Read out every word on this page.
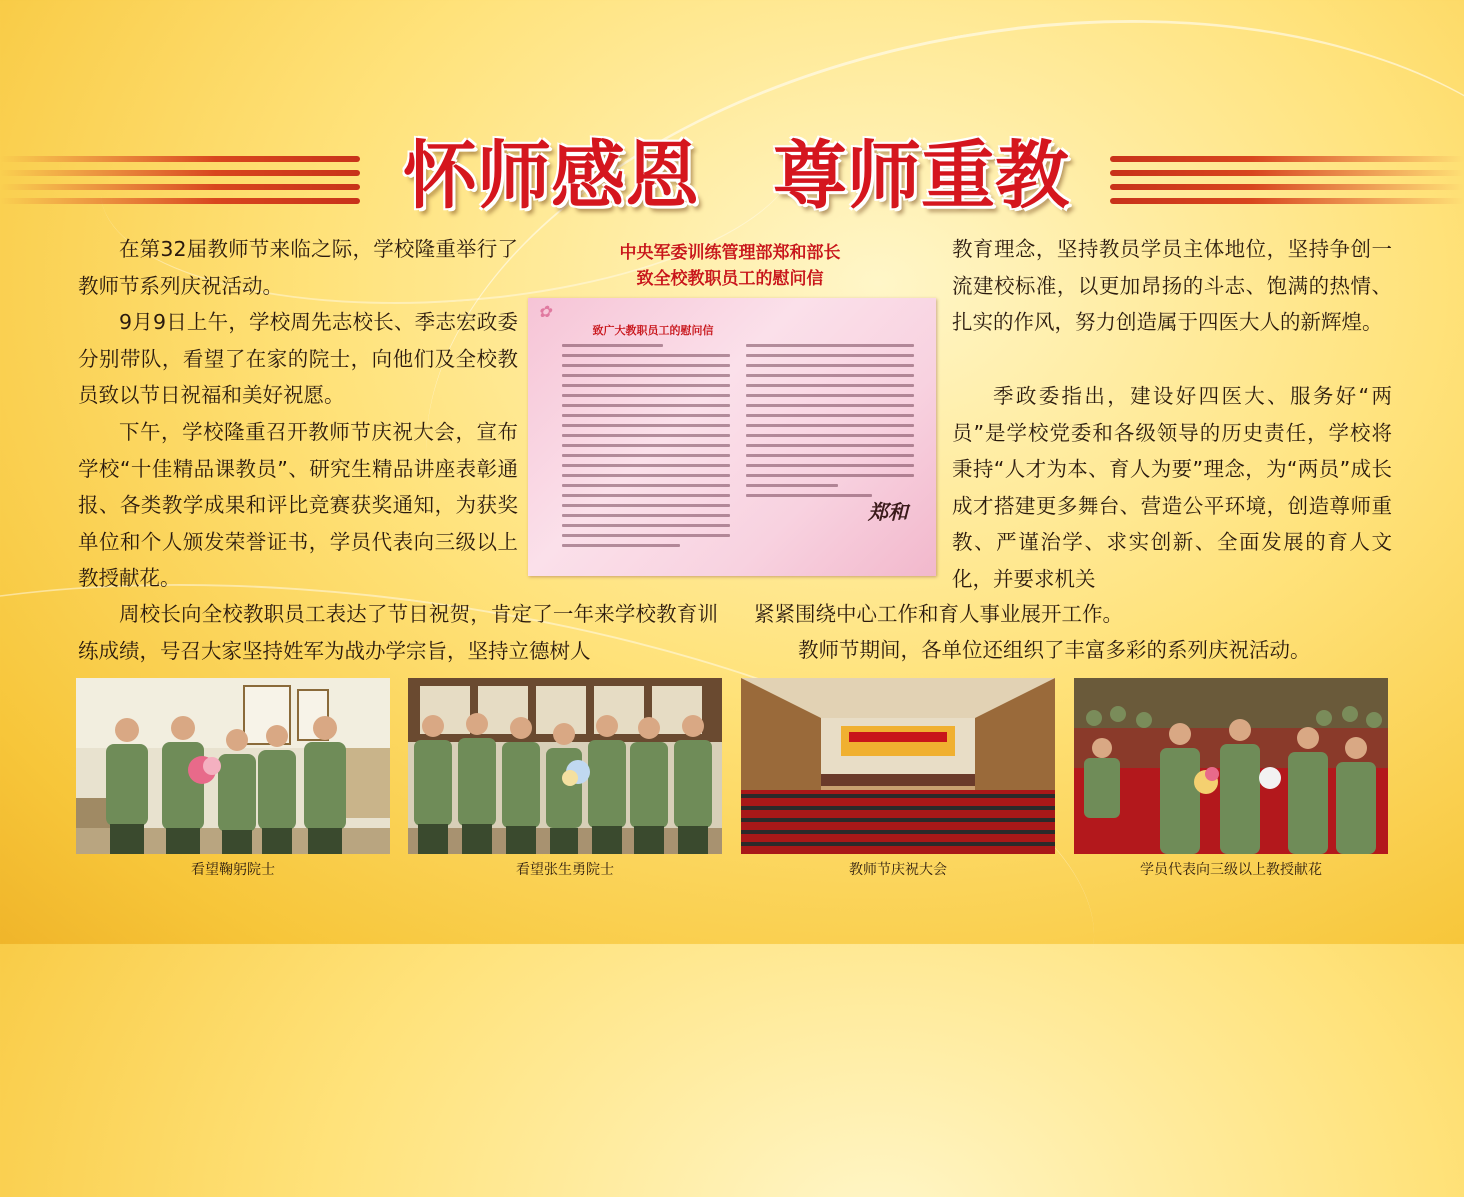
怀师感恩　尊师重教

在第32届教师节来临之际，学校隆重举行了教师节系列庆祝活动。

9月9日上午，学校周先志校长、季志宏政委分别带队，看望了在家的院士，向他们及全校教员致以节日祝福和美好祝愿。

下午，学校隆重召开教师节庆祝大会，宣布学校“十佳精品课教员”、研究生精品讲座表彰通报、各类教学成果和评比竞赛获奖通知，为获奖单位和个人颁发荣誉证书，学员代表向三级以上教授献花。

周校长向全校教职员工表达了节日祝贺，肯定了一年来学校教育训练成绩，号召大家坚持姓军为战办学宗旨，坚持立德树人

教育理念，坚持教员学员主体地位，坚持争创一流建校标准，以更加昂扬的斗志、饱满的热情、扎实的作风，努力创造属于四医大人的新辉煌。

季政委指出，建设好四医大、服务好“两员”是学校党委和各级领导的历史责任，学校将秉持“人才为本、育人为要”理念，为“两员”成长成才搭建更多舞台、营造公平环境，创造尊师重教、严谨治学、求实创新、全面发展的育人文化，并要求机关

紧紧围绕中心工作和育人事业展开工作。

教师节期间，各单位还组织了丰富多彩的系列庆祝活动。

中央军委训练管理部郑和部长
致全校教职员工的慰问信
✿
致广大教职员工的慰问信
郑和
看望鞠躬院士	看望张生勇院士	教师节庆祝大会	学员代表向三级以上教授献花
